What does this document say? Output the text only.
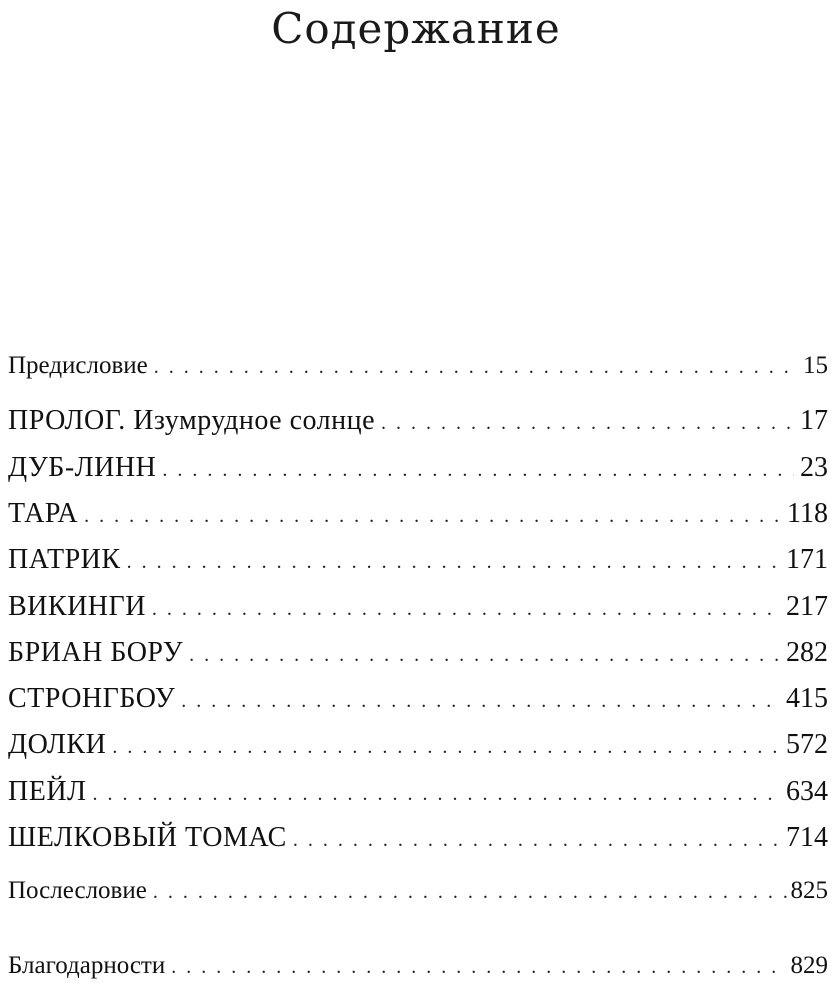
Содержание
Предисловие . . .	15
ПРОЛОГ. Изумрудное солнце . . .	17
ДУБ-ЛИНН . . .	23
ТАРА . . .	118
ПАТРИК . . .	171
ВИКИНГИ . . .	217
БРИАН БОРУ . . .	282
СТРОНГБОУ . . .	415
ДОЛКИ . . .	572
ПЕЙЛ . . .	634
ШЕЛКОВЫЙ ТОМАС . . .	714
Послесловие . . .	825
Благодарности . . .	829
